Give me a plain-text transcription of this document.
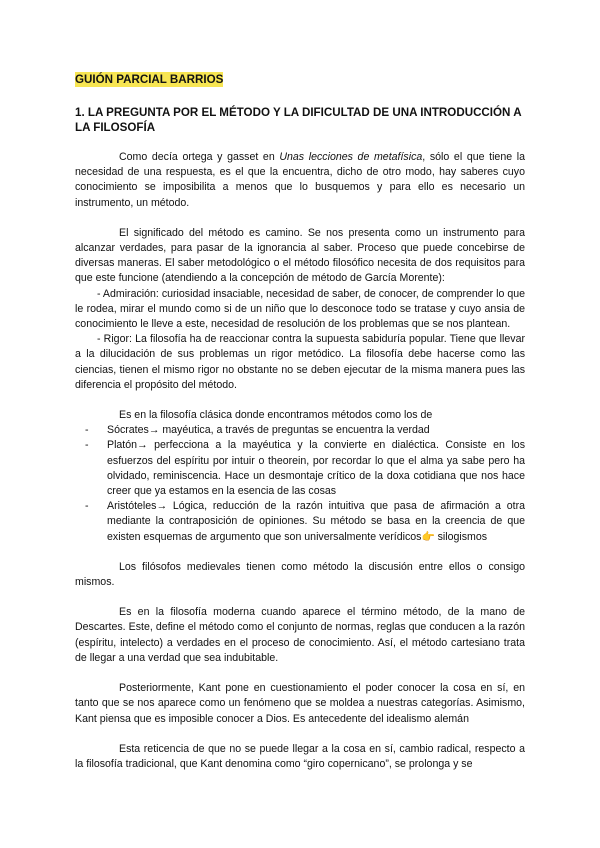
GUIÓN PARCIAL BARRIOS
1. LA PREGUNTA POR EL MÉTODO Y LA DIFICULTAD DE UNA INTRODUCCIÓN A LA FILOSOFÍA

Como decía ortega y gasset en Unas lecciones de metafísica, sólo el que tiene la necesidad de una respuesta, es el que la encuentra, dicho de otro modo, hay saberes cuyo conocimiento se imposibilita a menos que lo busquemos y para ello es necesario un instrumento, un método.

El significado del método es camino. Se nos presenta como un instrumento para alcanzar verdades, para pasar de la ignorancia al saber. Proceso que puede concebirse de diversas maneras. El saber metodológico o el método filosófico necesita de dos requisitos para que este funcione (atendiendo a la concepción de método de García Morente):

- Admiración: curiosidad insaciable, necesidad de saber, de conocer, de comprender lo que le rodea, mirar el mundo como si de un niño que lo desconoce todo se tratase y cuyo ansia de conocimiento le lleve a este, necesidad de resolución de los problemas que se nos plantean.

- Rigor: La filosofía ha de reaccionar contra la supuesta sabiduría popular. Tiene que llevar a la dilucidación de sus problemas un rigor metódico. La filosofía debe hacerse como las ciencias, tienen el mismo rigor no obstante no se deben ejecutar de la misma manera pues las diferencia el propósito del método.

Es en la filosofía clásica donde encontramos métodos como los de

- Sócrates→ mayéutica, a través de preguntas se encuentra la verdad
- Platón→ perfecciona a la mayéutica y la convierte en dialéctica. Consiste en los esfuerzos del espíritu por intuir o theorein, por recordar lo que el alma ya sabe pero ha olvidado, reminiscencia. Hace un desmontaje crítico de la doxa cotidiana que nos hace creer que ya estamos en la esencia de las cosas
- Aristóteles→ Lógica, reducción de la razón intuitiva que pasa de afirmación a otra mediante la contraposición de opiniones. Su método se basa en la creencia de que existen esquemas de argumento que son universalmente verídicos👉 silogismos

Los filósofos medievales tienen como método la discusión entre ellos o consigo mismos.

Es en la filosofía moderna cuando aparece el término método, de la mano de Descartes. Este, define el método como el conjunto de normas, reglas que conducen a la razón (espíritu, intelecto) a verdades en el proceso de conocimiento. Así, el método cartesiano trata de llegar a una verdad que sea indubitable.

Posteriormente, Kant pone en cuestionamiento el poder conocer la cosa en sí, en tanto que se nos aparece como un fenómeno que se moldea a nuestras categorías. Asimismo, Kant piensa que es imposible conocer a Dios. Es antecedente del idealismo alemán

Esta reticencia de que no se puede llegar a la cosa en sí, cambio radical, respecto a la filosofía tradicional, que Kant denomina como “giro copernicano”, se prolonga y se
